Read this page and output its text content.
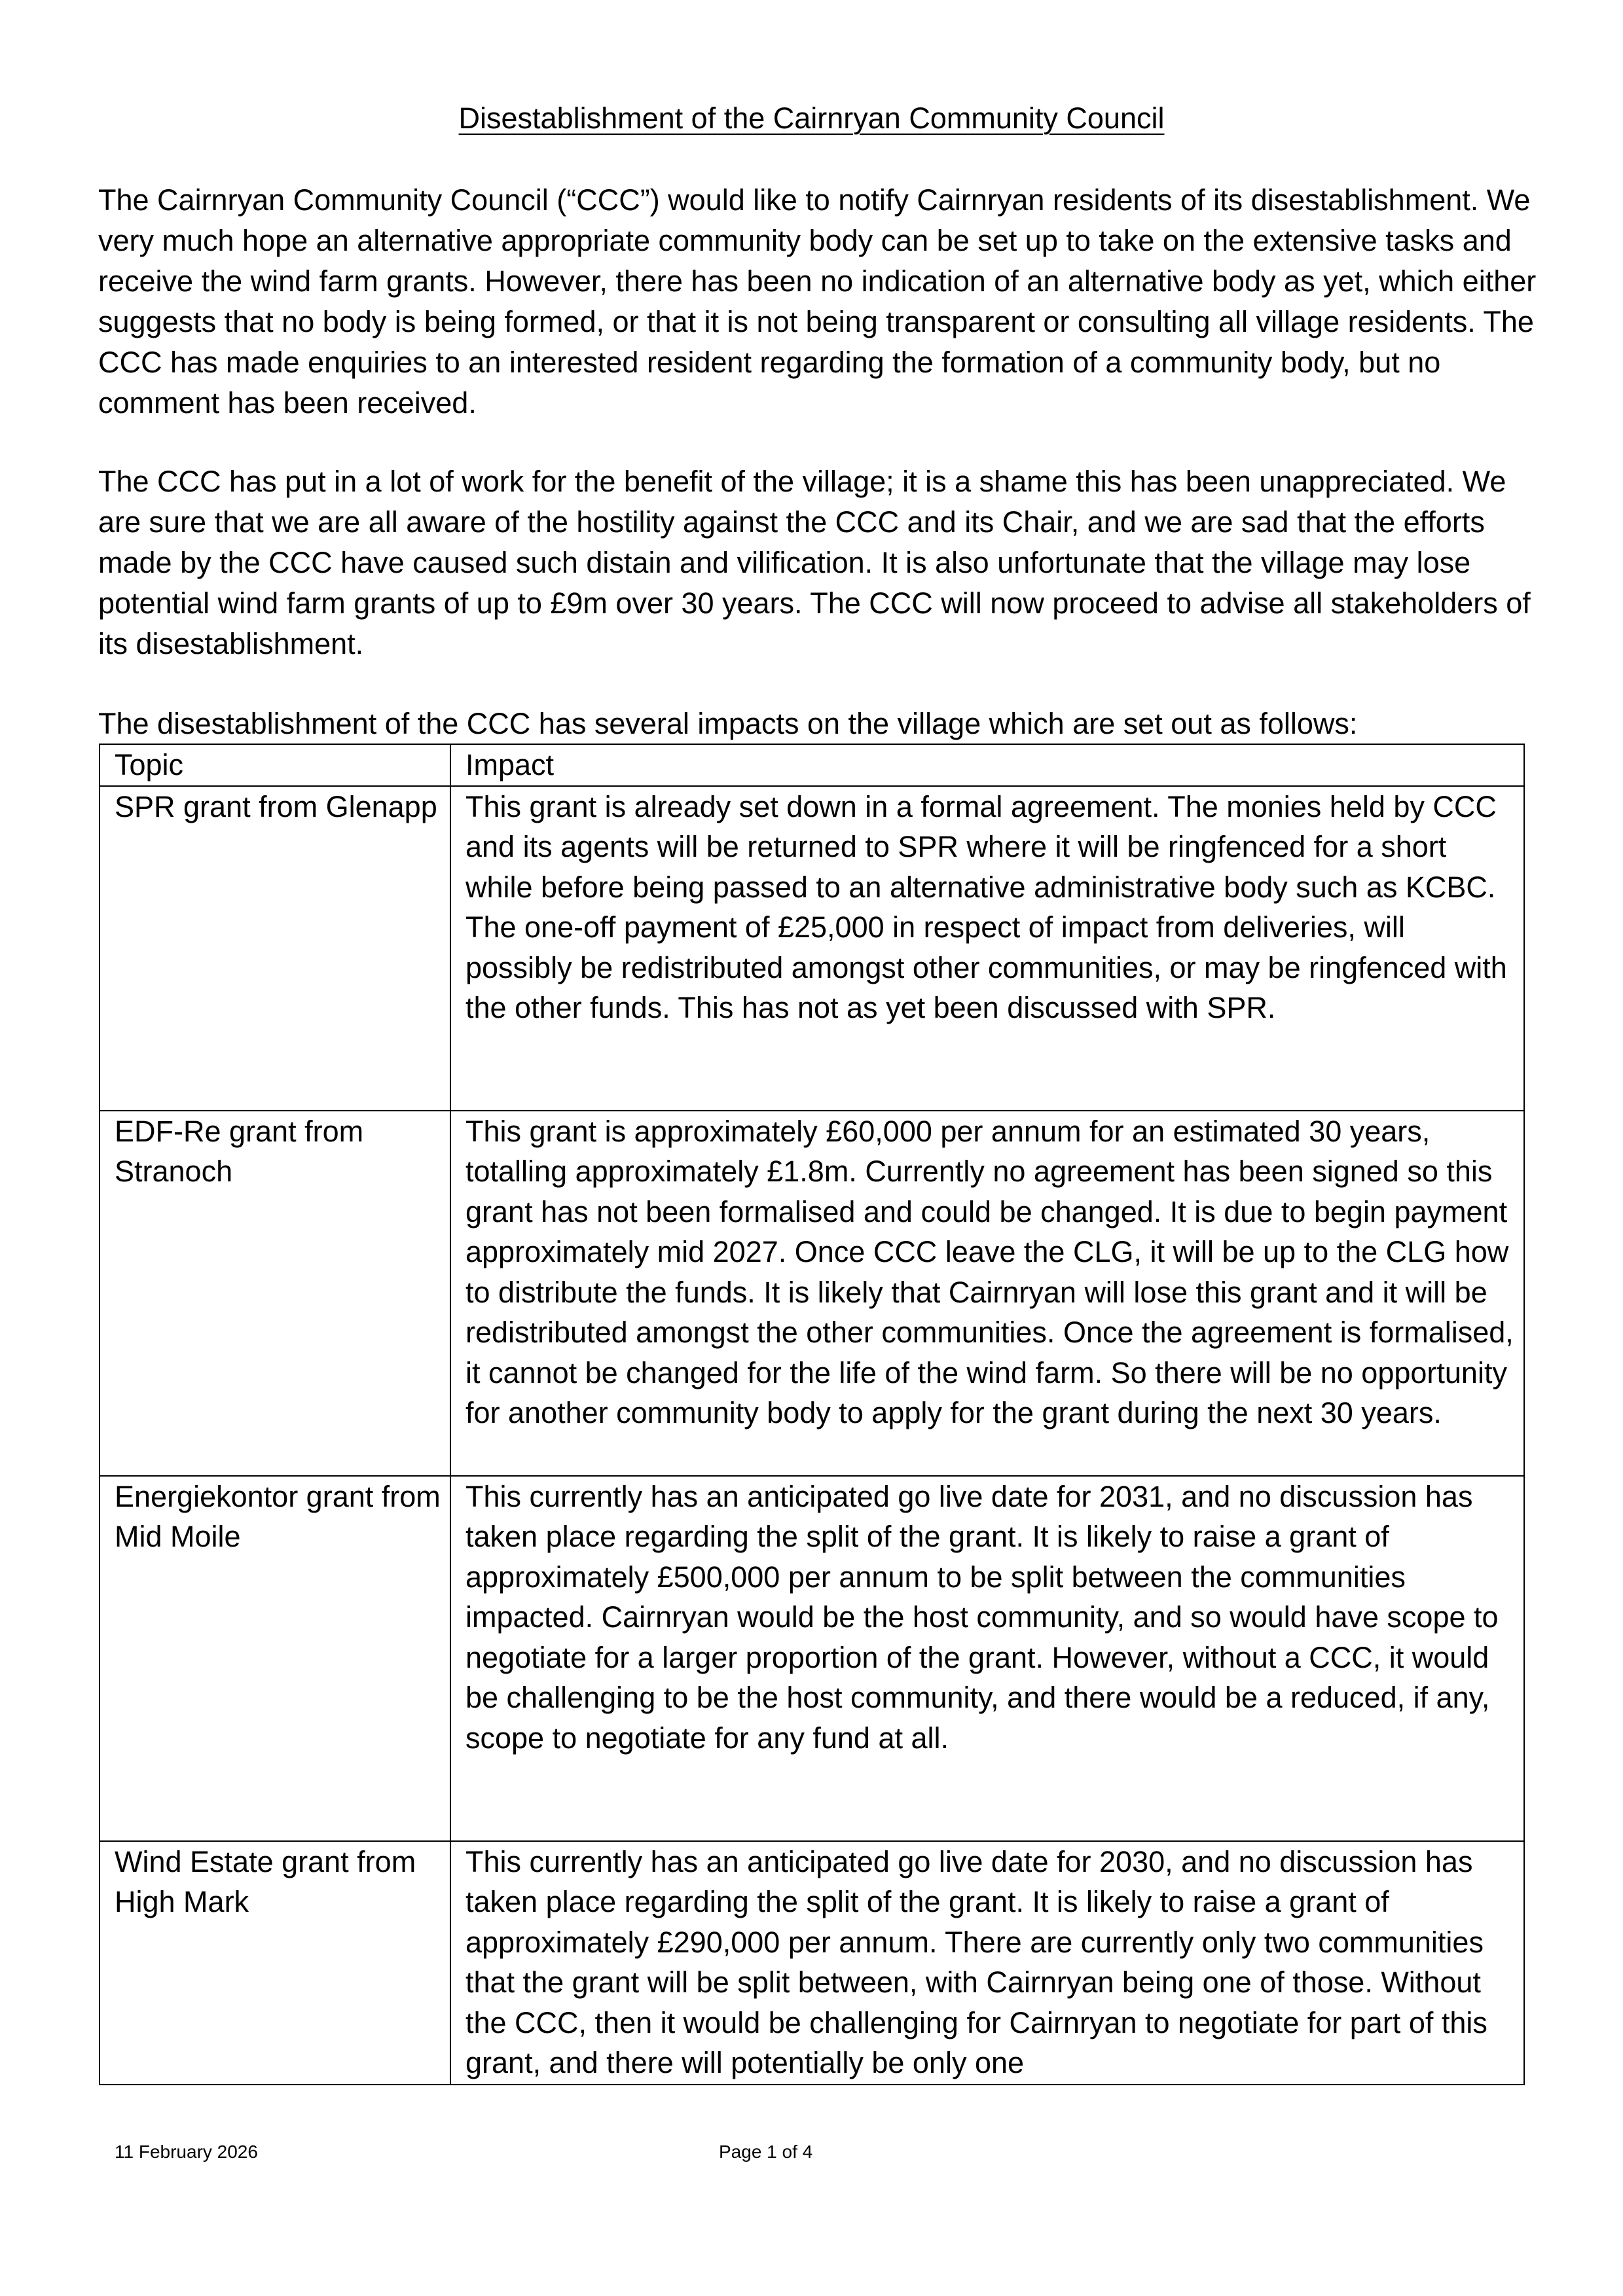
Disestablishment of the Cairnryan Community Council

The Cairnryan Community Council (“CCC”) would like to notify Cairnryan residents of its disestablishment. We very much hope an alternative appropriate community body can be set up to take on the extensive tasks and receive the wind farm grants. However, there has been no indication of an alternative body as yet, which either suggests that no body is being formed, or that it is not being transparent or consulting all village residents. The CCC has made enquiries to an interested resident regarding the formation of a community body, but no comment has been received.

The CCC has put in a lot of work for the benefit of the village; it is a shame this has been unappreciated. We are sure that we are all aware of the hostility against the CCC and its Chair, and we are sad that the efforts made by the CCC have caused such distain and vilification. It is also unfortunate that the village may lose potential wind farm grants of up to £9m over 30 years. The CCC will now proceed to advise all stakeholders of its disestablishment.

The disestablishment of the CCC has several impacts on the village which are set out as follows:

Topic	Impact
SPR grant from Glenapp	This grant is already set down in a formal agreement. The monies held by CCC and its agents will be returned to SPR where it will be ringfenced for a short while before being passed to an alternative administrative body such as KCBC. The one-off payment of £25,000 in respect of impact from deliveries, will possibly be redistributed amongst other communities, or may be ringfenced with the other funds. This has not as yet been discussed with SPR.
EDF-Re grant from Stranoch	This grant is approximately £60,000 per annum for an estimated 30 years, totalling approximately £1.8m. Currently no agreement has been signed so this grant has not been formalised and could be changed. It is due to begin payment approximately mid 2027. Once CCC leave the CLG, it will be up to the CLG how to distribute the funds. It is likely that Cairnryan will lose this grant and it will be redistributed amongst the other communities. Once the agreement is formalised, it cannot be changed for the life of the wind farm. So there will be no opportunity for another community body to apply for the grant during the next 30 years.
Energiekontor grant from Mid Moile	This currently has an anticipated go live date for 2031, and no discussion has taken place regarding the split of the grant. It is likely to raise a grant of approximately £500,000 per annum to be split between the communities impacted. Cairnryan would be the host community, and so would have scope to negotiate for a larger proportion of the grant. However, without a CCC, it would be challenging to be the host community, and there would be a reduced, if any, scope to negotiate for any fund at all.
Wind Estate grant from High Mark	This currently has an anticipated go live date for 2030, and no discussion has taken place regarding the split of the grant. It is likely to raise a grant of approximately £290,000 per annum. There are currently only two communities that the grant will be split between, with Cairnryan being one of those. Without the CCC, then it would be challenging for Cairnryan to negotiate for part of this grant, and there will potentially be only one
11 February 2026	Page 1 of 4
